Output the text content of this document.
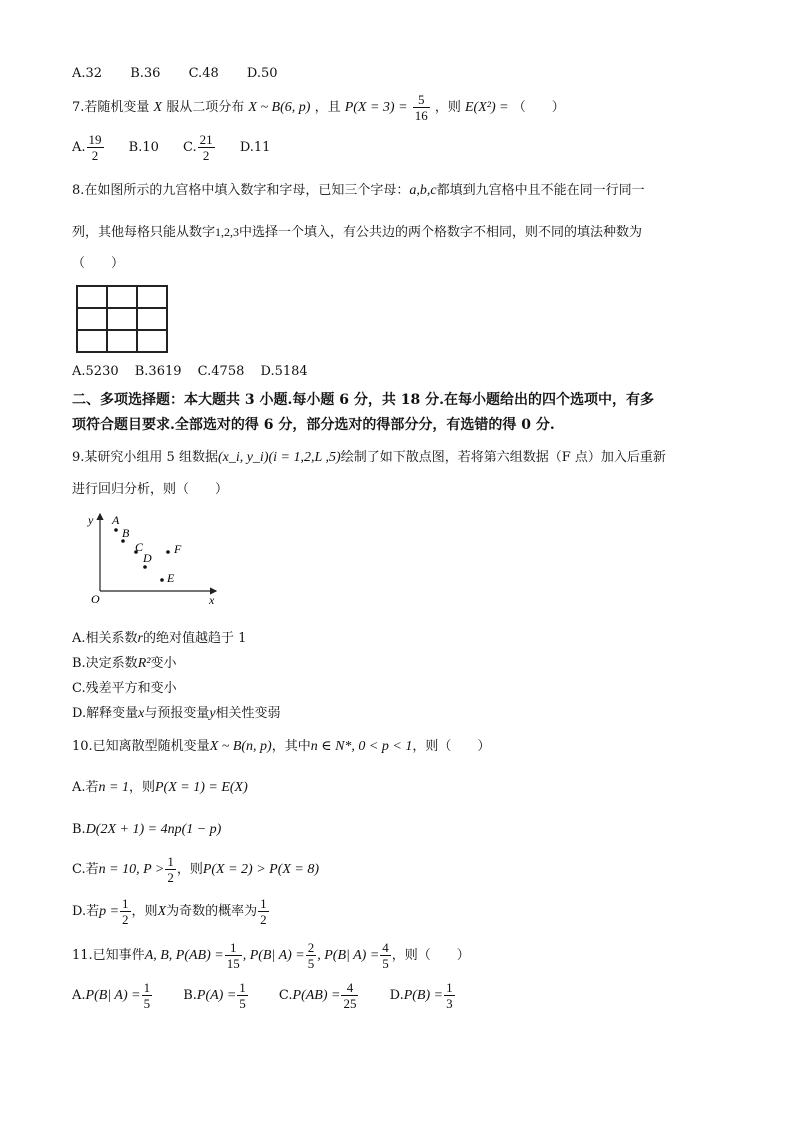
A.32 B.36 C.48 D.50
7.若随机变量 X 服从二项分布 X ~ B(6, p) ，且 $P(X = 3) = \frac{5}{16}$ ，则 E(X²) = （　　）
A. $\frac{19}{2} B.10$ C. $\frac{21}{2} D.11$
8.在如图所示的九宫格中填入数字和字母，已知三个字母：a,b,c都填到九宫格中且不能在同一行同一
列，其他每格只能从数字1,2,3中选择一个填入，有公共边的两个格数字不相同，则不同的填法种数为
（　　）
A.5230 B.3619 C.4758 D.5184
二、多项选择题：本大题共 3 小题.每小题 6 分，共 18 分.在每小题给出的四个选项中，有多
项符合题目要求.全部选对的得 6 分，部分选对的得部分分，有选错的得 0 分.
9.某研究小组用 5 组数据(x_i, y_i)(i = 1,2,L ,5)绘制了如下散点图，若将第六组数据（F 点）加入后重新
进行回归分析，则（　　）
y
x
O
A
B
C
D
F
E
A.相关系数r的绝对值越趋于 1
B.决定系数R²变小
C.残差平方和变小
D.解释变量x与预报变量y相关性变弱
10.已知离散型随机变量X ~ B(n, p)，其中n ∈ N*, 0 < p < 1，则（　　）
A.若n = 1，则P(X = 1) = E(X)
B.D(2X + 1) = 4np(1 − p)
C.若n = 10, $P > \frac{1}{2}$ ，则P(X = 2) > P(X = 8)
D.若$p = \frac{1}{2}$ ，则X为奇数的概率为 $\frac{1}{2}$
11.已知事件A, B, $P(AB) = \frac{1}{15}$ , P(B| $A) = \frac{2}{5}$ , P(B| $A) = \frac{4}{5}$ ，则（　　）
A.P(B| $A) = \frac{1}{5} B.P(A) = \frac{1}{5} C.P(AB) = \frac{4}{25} D.P(B) = \frac{1}{3}$
